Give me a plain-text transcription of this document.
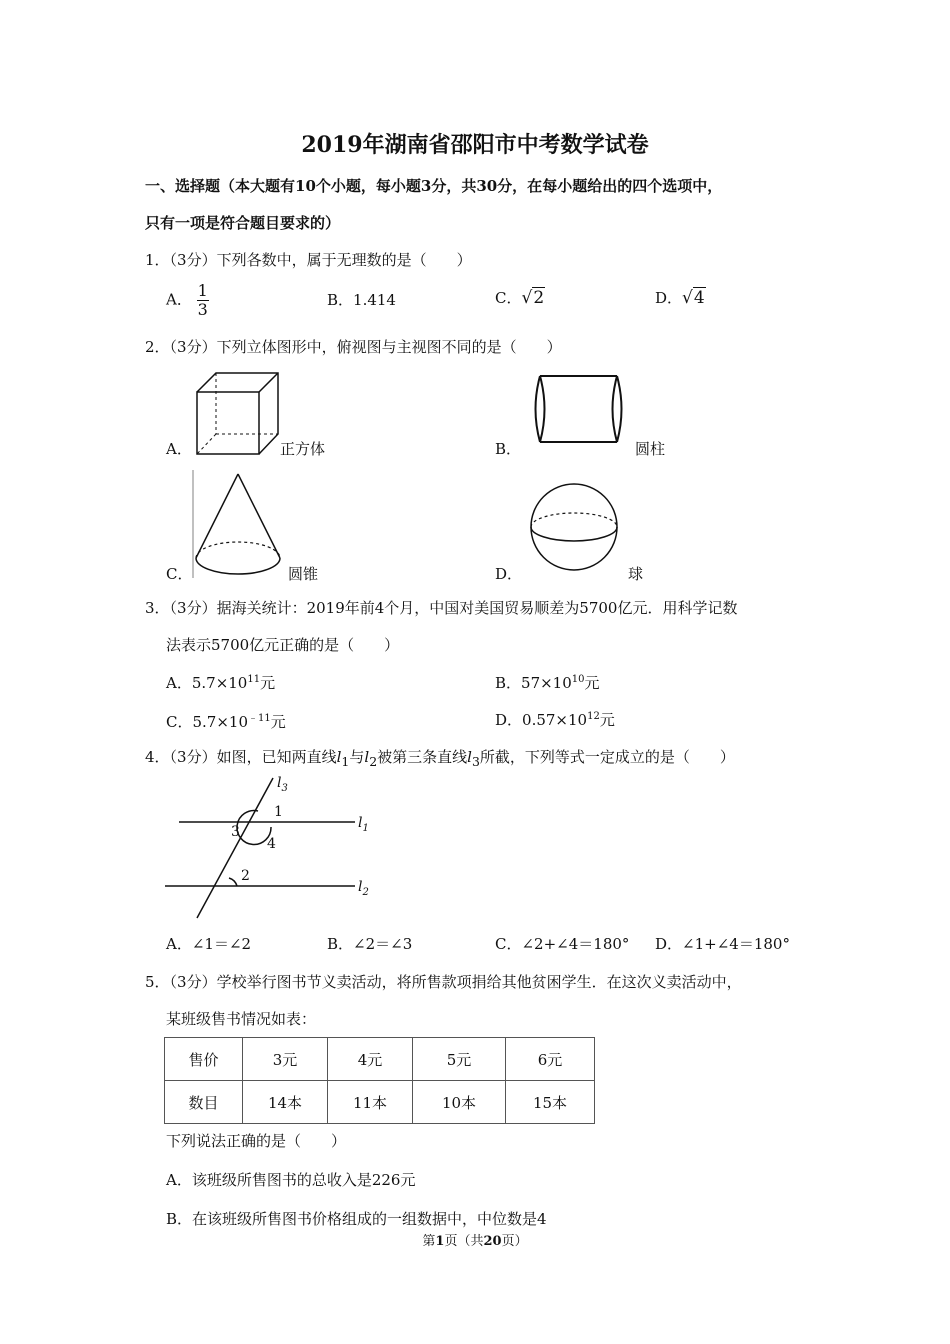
2019年湖南省邵阳市中考数学试卷
一、选择题（本大题有10个小题，每小题3分，共30分，在每小题给出的四个选项中，
只有一项是符合题目要求的）
1．（3分）下列各数中，属于无理数的是（　　）
A． $\frac{1}{3}$	B．1.414	C．√2	D．√4
2．（3分）下列立体图形中，俯视图与主视图不同的是（　　）
A．	正方体	B．	圆柱
C．	圆锥	D．	球
3．（3分）据海关统计：2019年前4个月，中国对美国贸易顺差为5700亿元．用科学记数
法表示5700亿元正确的是（　　）
A．$5.7\times 10^{11}$元	B．$57\times 10^{10}$元
C．$5.7\times 10^{﹣11}$元	D．$0.57\times 10^{12}$元
4．（3分）如图，已知两直线$l_1$与$l_2$被第三条直线$l_3$所截，下列等式一定成立的是（　　）
$l_3$
$l_1$
$l_2$
1
3
4
2
A．∠1＝∠2	B．∠2＝∠3	C．∠2+∠4＝180° D．∠1+∠4＝180°
5．（3分）学校举行图书节义卖活动，将所售款项捐给其他贫困学生．在这次义卖活动中，
某班级售书情况如表：
售价	3元	4元	5元	6元
数目	14本	11本	10本	15本
下列说法正确的是（　　）
A．该班级所售图书的总收入是226元
B．在该班级所售图书价格组成的一组数据中，中位数是4
第1页（共20页）
